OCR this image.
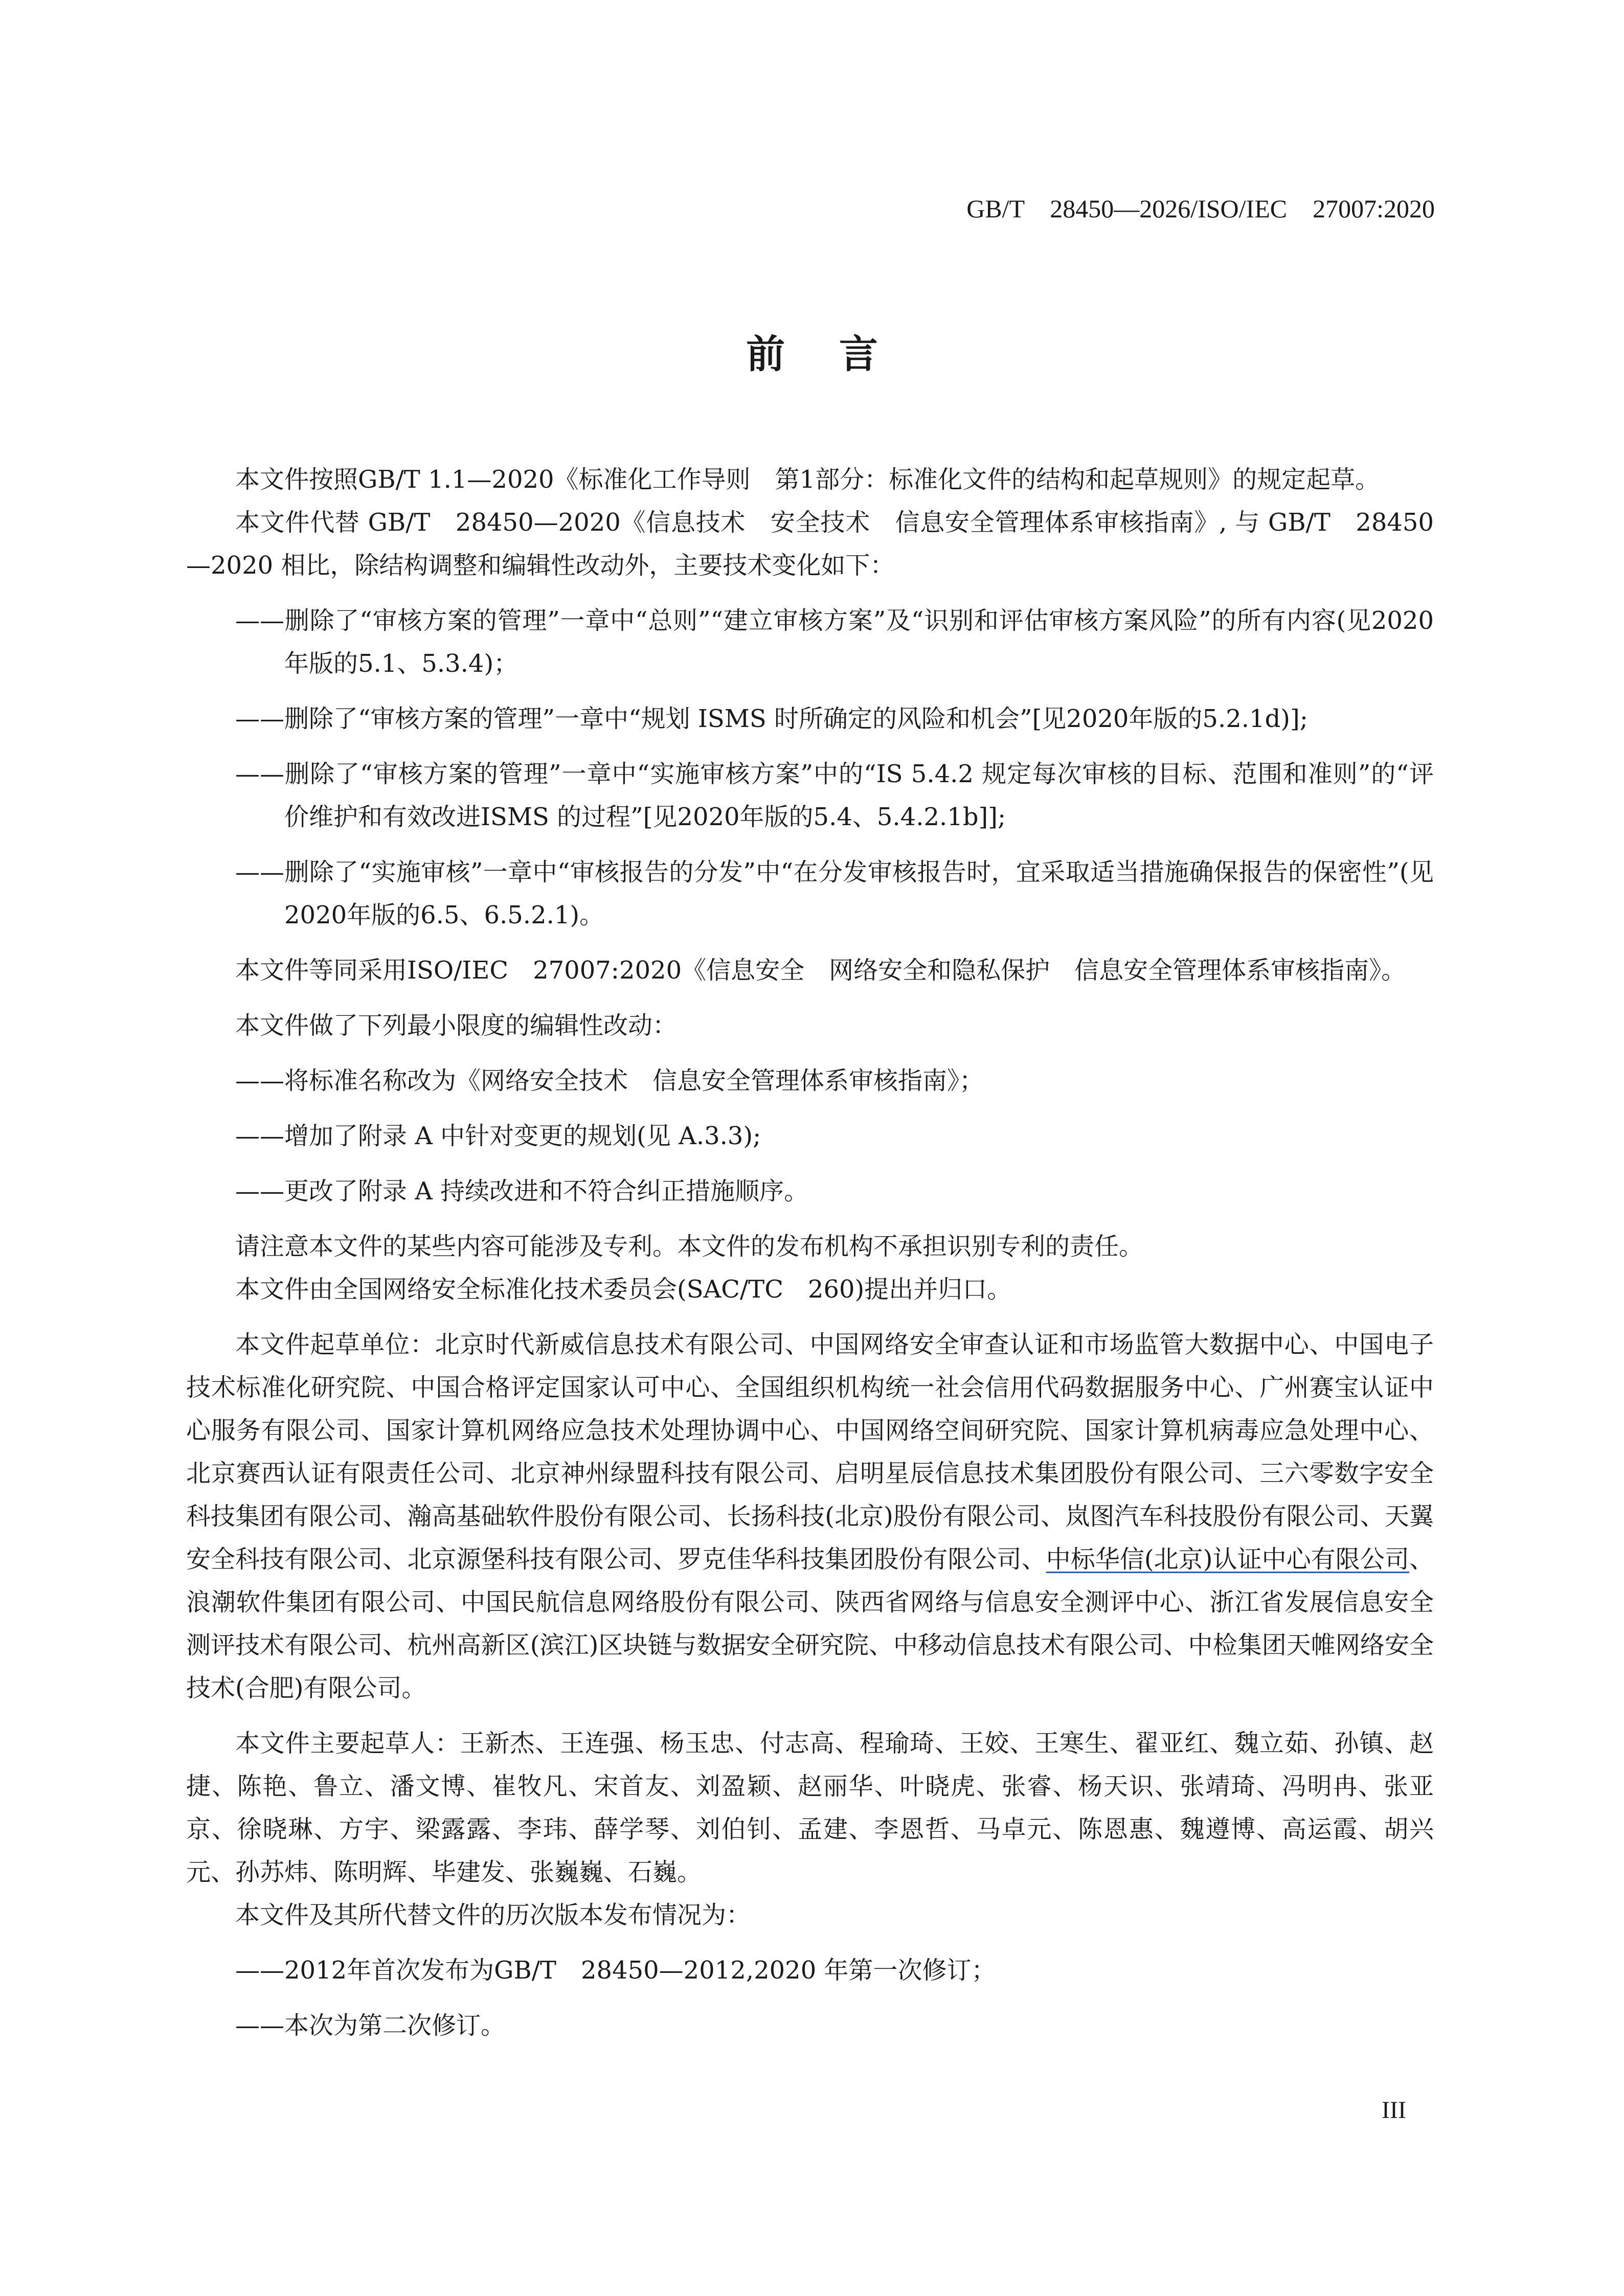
GB/T    28450—2026/ISO/IEC    27007:2020
前    言

本文件按照GB/T 1.1—2020《标准化工作导则　第1部分：标准化文件的结构和起草规则》的规定起草。

本文件代替 GB/T　28450—2020《信息技术　安全技术　信息安全管理体系审核指南》, 与 GB/T　28450—2020 相比，除结构调整和编辑性改动外，主要技术变化如下：

——删除了“审核方案的管理”一章中“总则”“建立审核方案”及“识别和评估审核方案风险”的所有内容(见2020年版的5.1、5.3.4)；

——删除了“审核方案的管理”一章中“规划 ISMS 时所确定的风险和机会”[见2020年版的5.2.1d)];

——删除了“审核方案的管理”一章中“实施审核方案”中的“IS 5.4.2 规定每次审核的目标、范围和准则”的“评价维护和有效改进ISMS 的过程”[见2020年版的5.4、5.4.2.1b]];

——删除了“实施审核”一章中“审核报告的分发”中“在分发审核报告时，宜采取适当措施确保报告的保密性”(见2020年版的6.5、6.5.2.1)。

本文件等同采用ISO/IEC　27007:2020《信息安全　网络安全和隐私保护　信息安全管理体系审核指南》。

本文件做了下列最小限度的编辑性改动：

——将标准名称改为《网络安全技术　信息安全管理体系审核指南》；

——增加了附录 A 中针对变更的规划(见 A.3.3);

——更改了附录 A 持续改进和不符合纠正措施顺序。

请注意本文件的某些内容可能涉及专利。本文件的发布机构不承担识别专利的责任。

本文件由全国网络安全标准化技术委员会(SAC/TC　260)提出并归口。

本文件起草单位：北京时代新威信息技术有限公司、中国网络安全审查认证和市场监管大数据中心、中国电子技术标准化研究院、中国合格评定国家认可中心、全国组织机构统一社会信用代码数据服务中心、广州赛宝认证中心服务有限公司、国家计算机网络应急技术处理协调中心、中国网络空间研究院、国家计算机病毒应急处理中心、北京赛西认证有限责任公司、北京神州绿盟科技有限公司、启明星辰信息技术集团股份有限公司、三六零数字安全科技集团有限公司、瀚高基础软件股份有限公司、长扬科技(北京)股份有限公司、岚图汽车科技股份有限公司、天翼安全科技有限公司、北京源堡科技有限公司、罗克佳华科技集团股份有限公司、中标华信(北京)认证中心有限公司、浪潮软件集团有限公司、中国民航信息网络股份有限公司、陕西省网络与信息安全测评中心、浙江省发展信息安全测评技术有限公司、杭州高新区(滨江)区块链与数据安全研究院、中移动信息技术有限公司、中检集团天帷网络安全技术(合肥)有限公司。

本文件主要起草人：王新杰、王连强、杨玉忠、付志高、程瑜琦、王姣、王寒生、翟亚红、魏立茹、孙镇、赵捷、陈艳、鲁立、潘文博、崔牧凡、宋首友、刘盈颖、赵丽华、叶晓虎、张睿、杨天识、张靖琦、冯明冉、张亚京、徐晓琳、方宇、梁露露、李玮、薛学琴、刘伯钊、孟建、李恩哲、马卓元、陈恩惠、魏遵博、高运霞、胡兴元、孙苏炜、陈明辉、毕建发、张巍巍、石巍。

本文件及其所代替文件的历次版本发布情况为：

——2012年首次发布为GB/T　28450—2012,2020 年第一次修订；

——本次为第二次修订。

III
